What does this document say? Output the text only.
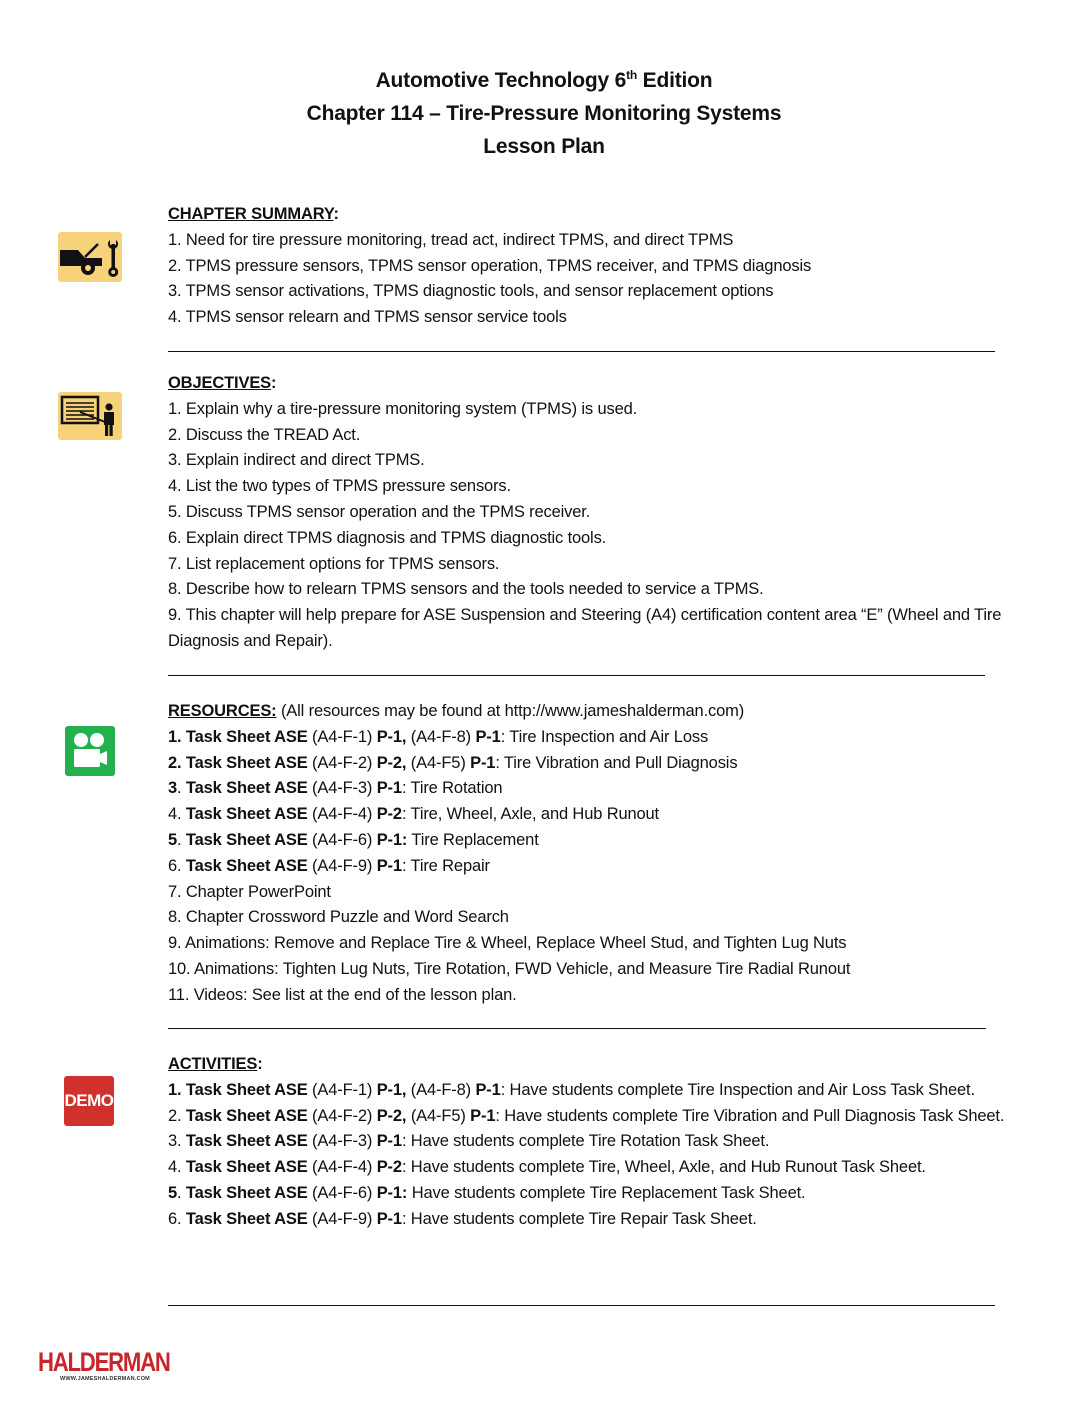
Automotive Technology 6th Edition
Chapter 114 – Tire-Pressure Monitoring Systems
Lesson Plan
CHAPTER SUMMARY:
1. Need for tire pressure monitoring, tread act, indirect TPMS, and direct TPMS
2. TPMS pressure sensors, TPMS sensor operation, TPMS receiver, and TPMS diagnosis
3. TPMS sensor activations, TPMS diagnostic tools, and sensor replacement options
4. TPMS sensor relearn and TPMS sensor service tools
OBJECTIVES:
1. Explain why a tire-pressure monitoring system (TPMS) is used.
2. Discuss the TREAD Act.
3. Explain indirect and direct TPMS.
4. List the two types of TPMS pressure sensors.
5. Discuss TPMS sensor operation and the TPMS receiver.
6. Explain direct TPMS diagnosis and TPMS diagnostic tools.
7. List replacement options for TPMS sensors.
8. Describe how to relearn TPMS sensors and the tools needed to service a TPMS.
9. This chapter will help prepare for ASE Suspension and Steering (A4) certification content area “E” (Wheel and Tire Diagnosis and Repair).
RESOURCES: (All resources may be found at http://www.jameshalderman.com)
1. Task Sheet ASE (A4-F-1) P-1, (A4-F-8) P-1: Tire Inspection and Air Loss
2. Task Sheet ASE (A4-F-2) P-2, (A4-F5) P-1: Tire Vibration and Pull Diagnosis
3. Task Sheet ASE (A4-F-3) P-1: Tire Rotation
4. Task Sheet ASE (A4-F-4) P-2: Tire, Wheel, Axle, and Hub Runout
5. Task Sheet ASE (A4-F-6) P-1: Tire Replacement
6. Task Sheet ASE (A4-F-9) P-1: Tire Repair
7. Chapter PowerPoint
8. Chapter Crossword Puzzle and Word Search
9. Animations: Remove and Replace Tire & Wheel, Replace Wheel Stud, and Tighten Lug Nuts
10. Animations: Tighten Lug Nuts, Tire Rotation, FWD Vehicle, and Measure Tire Radial Runout
11. Videos: See list at the end of the lesson plan.
DEMO
ACTIVITIES:
1. Task Sheet ASE (A4-F-1) P-1, (A4-F-8) P-1: Have students complete Tire Inspection and Air Loss Task Sheet.
2. Task Sheet ASE (A4-F-2) P-2, (A4-F5) P-1: Have students complete Tire Vibration and Pull Diagnosis Task Sheet.
3. Task Sheet ASE (A4-F-3) P-1: Have students complete Tire Rotation Task Sheet.
4. Task Sheet ASE (A4-F-4) P-2: Have students complete Tire, Wheel, Axle, and Hub Runout Task Sheet.
5. Task Sheet ASE (A4-F-6) P-1: Have students complete Tire Replacement Task Sheet.
6. Task Sheet ASE (A4-F-9) P-1: Have students complete Tire Repair Task Sheet.
HALDERMAN
WWW.JAMESHALDERMAN.COM
